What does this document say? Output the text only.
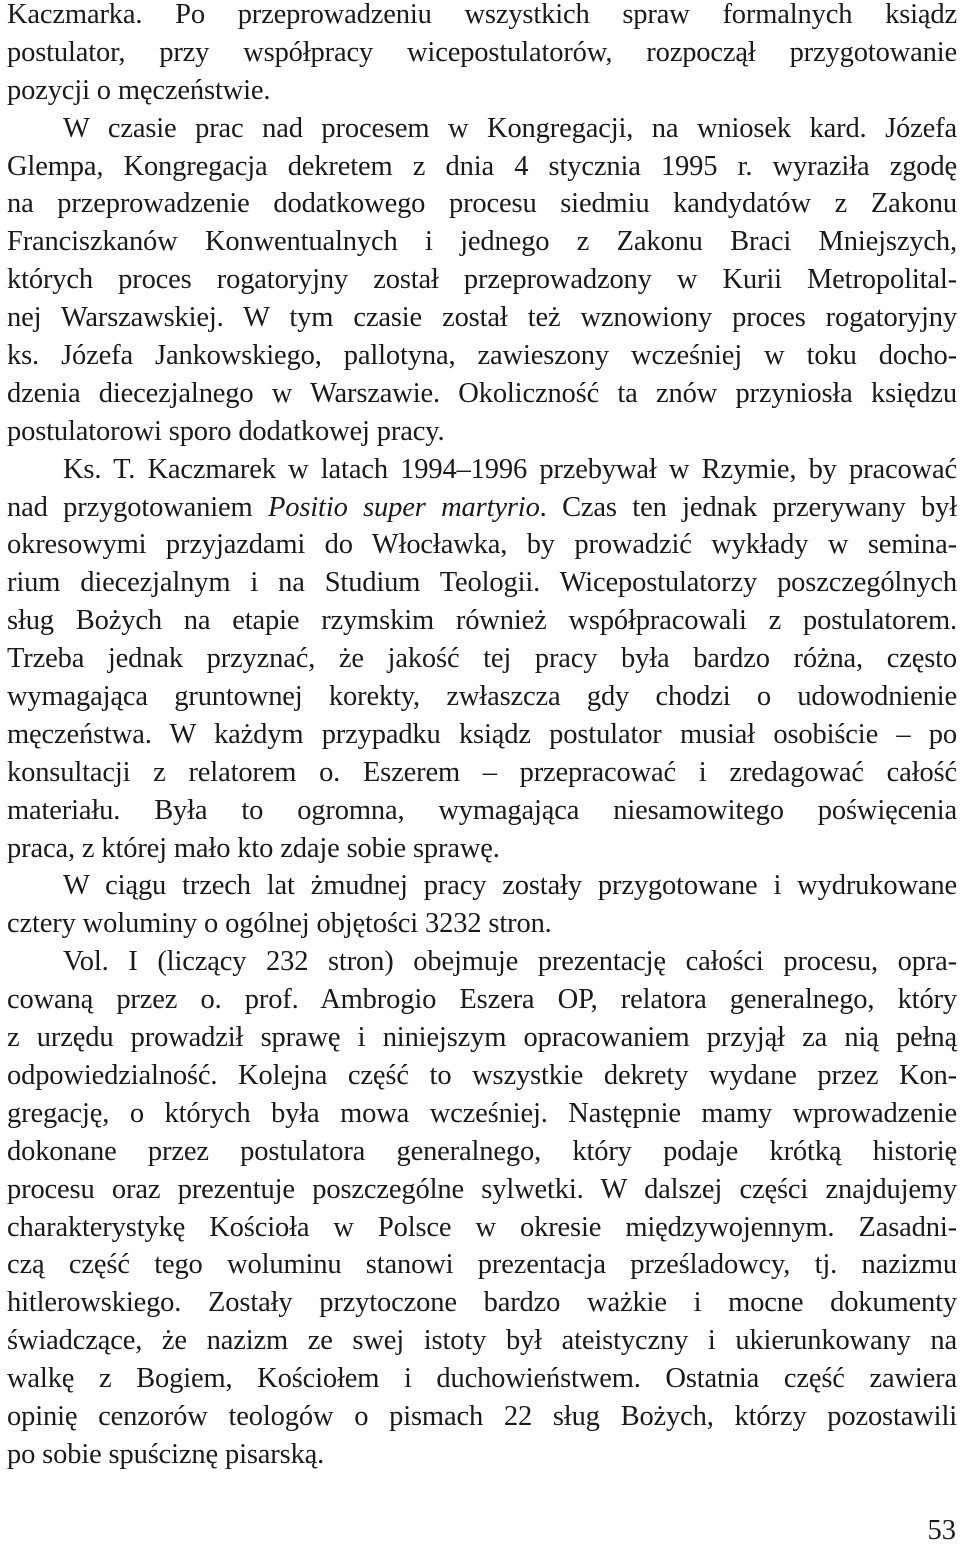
Kaczmarka. Po przeprowadzeniu wszystkich spraw formalnych ksiądz
postulator, przy współpracy wicepostulatorów, rozpoczął przygotowanie
pozycji o męczeństwie.
W czasie prac nad procesem w Kongregacji, na wniosek kard. Józefa
Glempa, Kongregacja dekretem z dnia 4 stycznia 1995 r. wyraziła zgodę
na przeprowadzenie dodatkowego procesu siedmiu kandydatów z Zakonu
Franciszkanów Konwentualnych i jednego z Zakonu Braci Mniejszych,
których proces rogatoryjny został przeprowadzony w Kurii Metropolital-
nej Warszawskiej. W tym czasie został też wznowiony proces rogatoryjny
ks. Józefa Jankowskiego, pallotyna, zawieszony wcześniej w toku docho-
dzenia diecezjalnego w Warszawie. Okoliczność ta znów przyniosła księdzu
postulatorowi sporo dodatkowej pracy.
Ks. T. Kaczmarek w latach 1994–1996 przebywał w Rzymie, by pracować
nad przygotowaniem Positio super martyrio. Czas ten jednak przerywany był
okresowymi przyjazdami do Włocławka, by prowadzić wykłady w semina-
rium diecezjalnym i na Studium Teologii. Wicepostulatorzy poszczególnych
sług Bożych na etapie rzymskim również współpracowali z postulatorem.
Trzeba jednak przyznać, że jakość tej pracy była bardzo różna, często
wymagająca gruntownej korekty, zwłaszcza gdy chodzi o udowodnienie
męczeństwa. W każdym przypadku ksiądz postulator musiał osobiście – po
konsultacji z relatorem o. Eszerem – przepracować i zredagować całość
materiału. Była to ogromna, wymagająca niesamowitego poświęcenia
praca, z której mało kto zdaje sobie sprawę.
W ciągu trzech lat żmudnej pracy zostały przygotowane i wydrukowane
cztery woluminy o ogólnej objętości 3232 stron.
Vol. I (liczący 232 stron) obejmuje prezentację całości procesu, opra-
cowaną przez o. prof. Ambrogio Eszera OP, relatora generalnego, który
z urzędu prowadził sprawę i niniejszym opracowaniem przyjął za nią pełną
odpowiedzialność. Kolejna część to wszystkie dekrety wydane przez Kon-
gregację, o których była mowa wcześniej. Następnie mamy wprowadzenie
dokonane przez postulatora generalnego, który podaje krótką historię
procesu oraz prezentuje poszczególne sylwetki. W dalszej części znajdujemy
charakterystykę Kościoła w Polsce w okresie międzywojennym. Zasadni-
czą część tego woluminu stanowi prezentacja prześladowcy, tj. nazizmu
hitlerowskiego. Zostały przytoczone bardzo ważkie i mocne dokumenty
świadczące, że nazizm ze swej istoty był ateistyczny i ukierunkowany na
walkę z Bogiem, Kościołem i duchowieństwem. Ostatnia część zawiera
opinię cenzorów teologów o pismach 22 sług Bożych, którzy pozostawili
po sobie spuściznę pisarską.
53
